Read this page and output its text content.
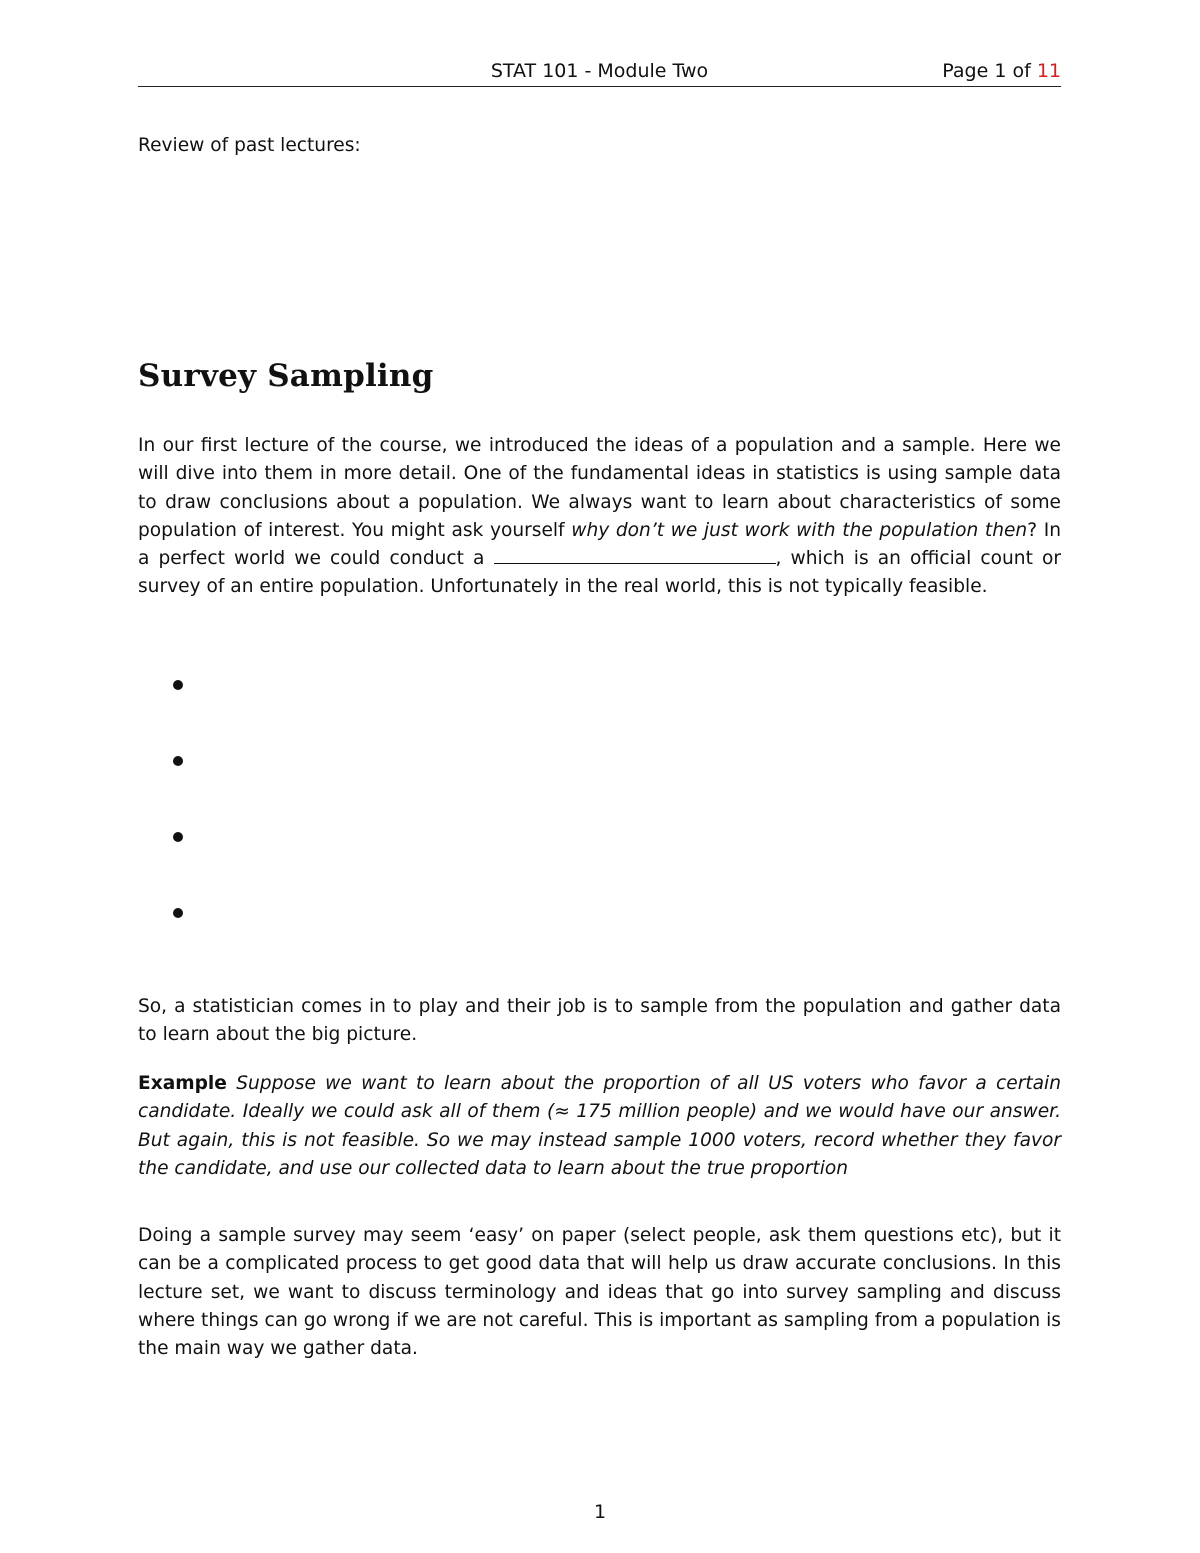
STAT 101 - Module Two	Page 1 of 11
Review of past lectures:
Survey Sampling
In our first lecture of the course, we introduced the ideas of a population and a sample. Here we will dive into them in more detail. One of the fundamental ideas in statistics is using sample data to draw conclusions about a population. We always want to learn about characteristics of some population of interest. You might ask yourself why don’t we just work with the population then? In a perfect world we could conduct a	, which is an official count or survey of an entire population. Unfortunately in the real world, this is not typically feasible.
So, a statistician comes in to play and their job is to sample from the population and gather data to learn about the big picture.
Example Suppose we want to learn about the proportion of all US voters who favor a certain candidate. Ideally we could ask all of them (≈ 175 million people) and we would have our answer. But again, this is not feasible. So we may instead sample 1000 voters, record whether they favor the candidate, and use our collected data to learn about the true proportion
Doing a sample survey may seem ‘easy’ on paper (select people, ask them questions etc), but it can be a complicated process to get good data that will help us draw accurate conclusions. In this lecture set, we want to discuss terminology and ideas that go into survey sampling and discuss where things can go wrong if we are not careful. This is important as sampling from a population is the main way we gather data.
1
